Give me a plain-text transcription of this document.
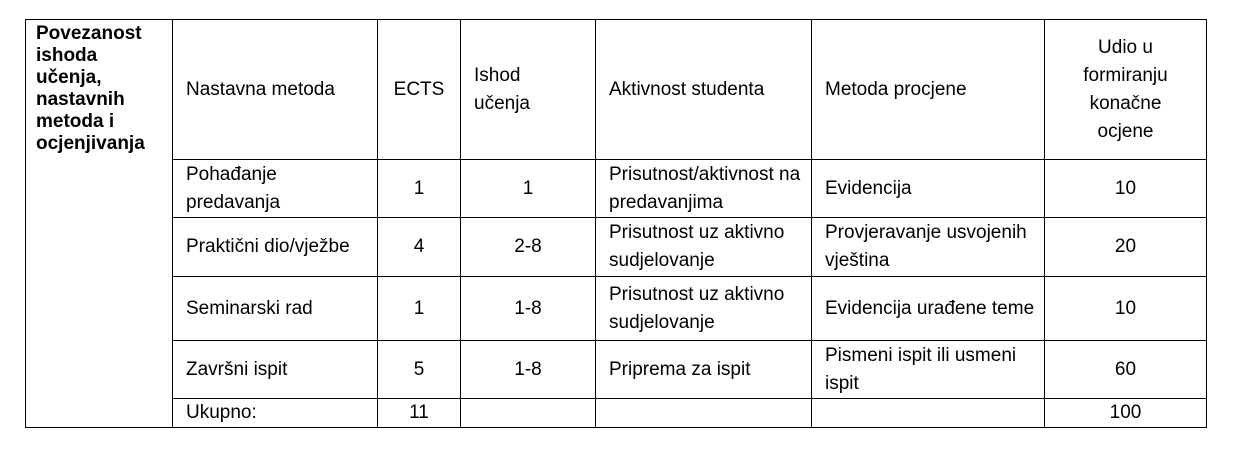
Povezanost ishoda učenja, nastavnih metoda i ocjenjivanja	Nastavna metoda	ECTS	Ishod učenja	Aktivnost studenta	Metoda procjene	Udio u formiranju konačne ocjene
	Pohađanje predavanja	1	1	Prisutnost/aktivnost na predavanjima	Evidencija	10
	Praktični dio/vježbe	4	2-8	Prisutnost uz aktivno sudjelovanje	Provjeravanje usvojenih vještina	20
	Seminarski rad	1	1-8	Prisutnost uz aktivno sudjelovanje	Evidencija urađene teme	10
	Završni ispit	5	1-8	Priprema za ispit	Pismeni ispit ili usmeni ispit	60
	Ukupno:	11				100
